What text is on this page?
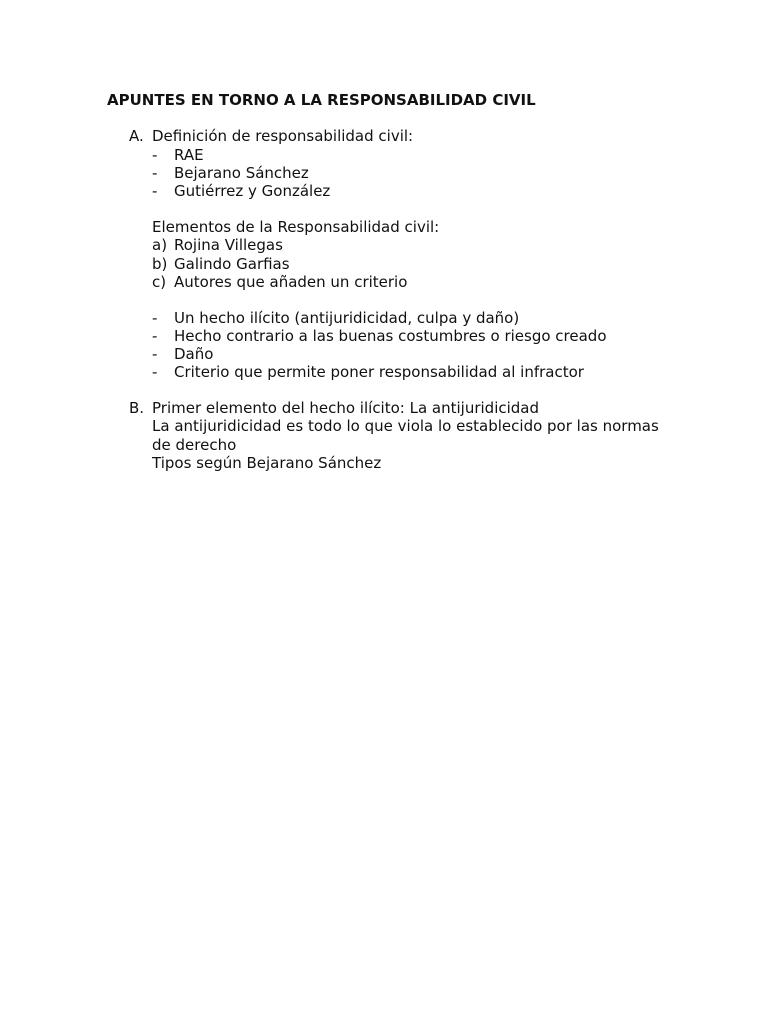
APUNTES EN TORNO A LA RESPONSABILIDAD CIVIL
A. Definición de responsabilidad civil:
- RAE
- Bejarano Sánchez
- Gutiérrez y González
Elementos de la Responsabilidad civil:
a) Rojina Villegas
b) Galindo Garfias
c) Autores que añaden un criterio
- Un hecho ilícito (antijuridicidad, culpa y daño)
- Hecho contrario a las buenas costumbres o riesgo creado
- Daño
- Criterio que permite poner responsabilidad al infractor
B. Primer elemento del hecho ilícito: La antijuridicidad
La antijuridicidad es todo lo que viola lo establecido por las normas
de derecho
Tipos según Bejarano Sánchez
